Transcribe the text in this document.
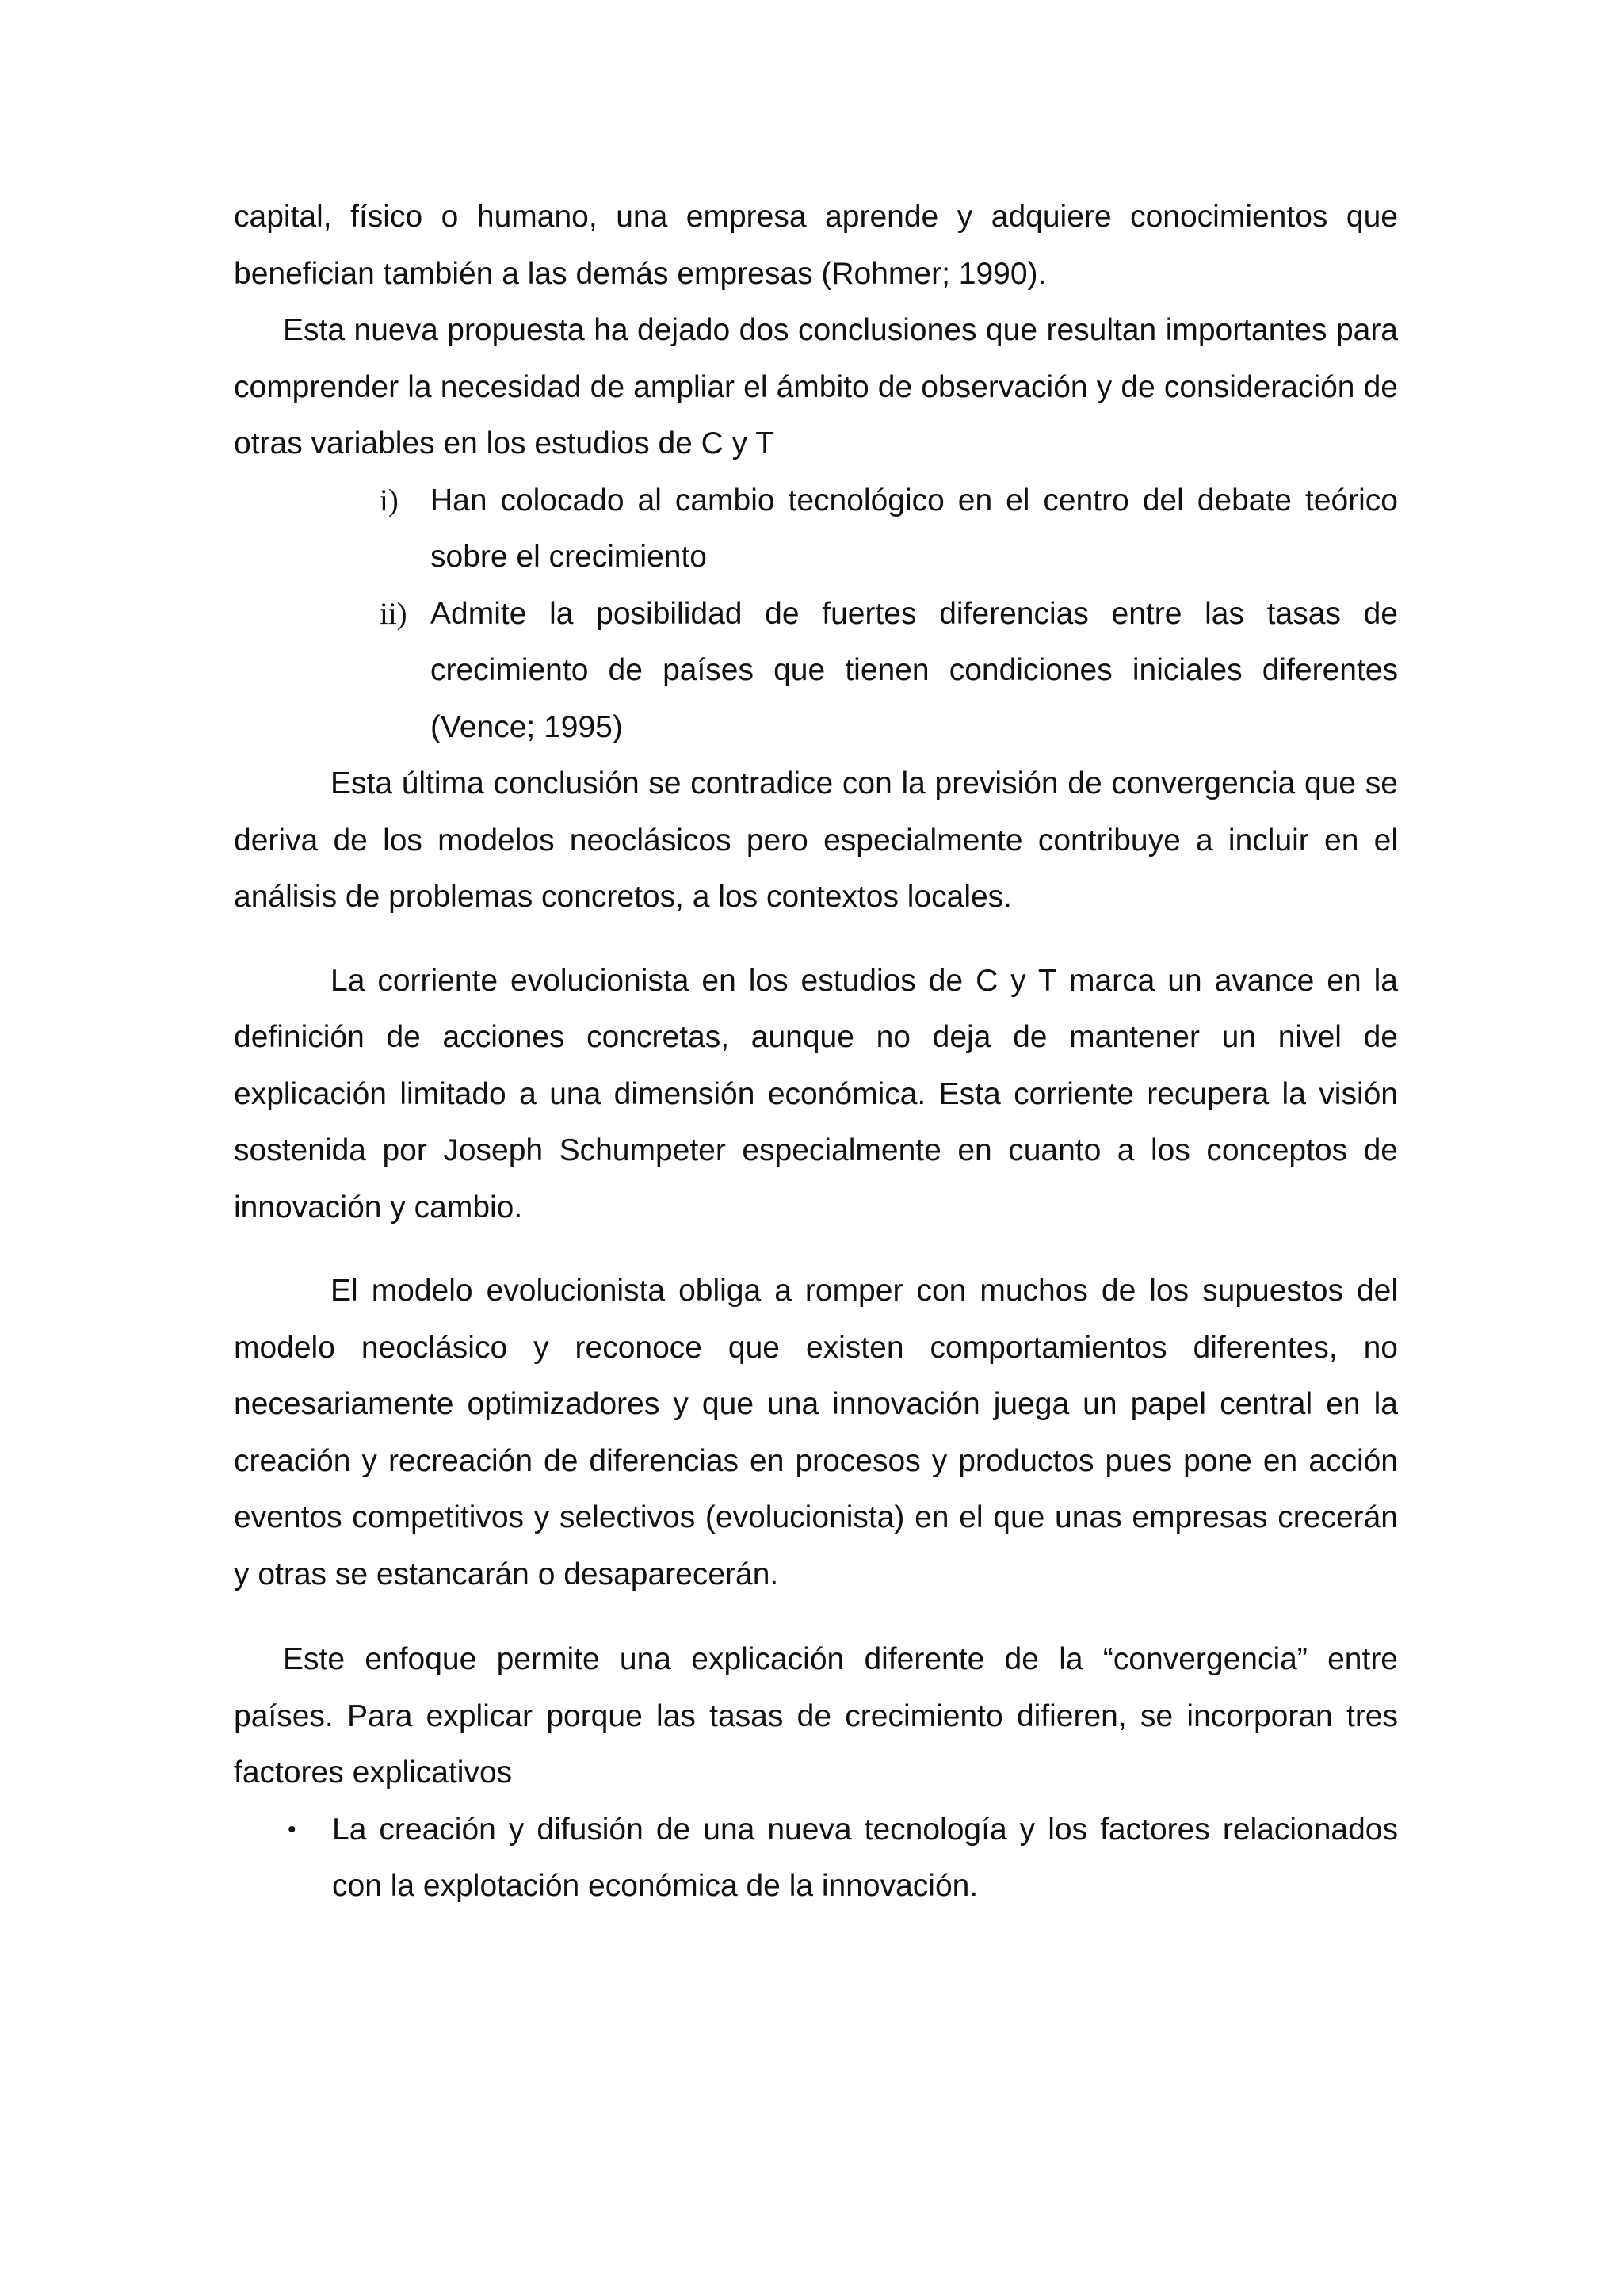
capital, físico o humano, una empresa aprende y adquiere conocimientos que benefician también a las demás empresas (Rohmer; 1990).

Esta nueva propuesta ha dejado dos conclusiones que resultan importantes para comprender la necesidad de ampliar el ámbito de observación y de consideración de otras variables en los estudios de C y T

i) Han colocado al cambio tecnológico en el centro del debate teórico sobre el crecimiento
ii) Admite la posibilidad de fuertes diferencias entre las tasas de crecimiento de países que tienen condiciones iniciales diferentes (Vence; 1995)

Esta última conclusión se contradice con la previsión de convergencia que se deriva de los modelos neoclásicos pero especialmente contribuye a incluir en el análisis de problemas concretos, a los contextos locales.

La corriente evolucionista en los estudios de C y T marca un avance en la definición de acciones concretas, aunque no deja de mantener un nivel de explicación limitado a una dimensión económica. Esta corriente recupera la visión sostenida por Joseph Schumpeter especialmente en cuanto a los conceptos de innovación y cambio.

El modelo evolucionista obliga a romper con muchos de los supuestos del modelo neoclásico y reconoce que existen comportamientos diferentes, no necesariamente optimizadores y que una innovación juega un papel central en la creación y recreación de diferencias en procesos y productos pues pone en acción eventos competitivos y selectivos (evolucionista) en el que unas empresas crecerán y otras se estancarán o desaparecerán.

Este enfoque permite una explicación diferente de la “convergencia” entre países. Para explicar porque las tasas de crecimiento difieren, se incorporan tres factores explicativos

• La creación y difusión de una nueva tecnología y los factores relacionados con la explotación económica de la innovación.
